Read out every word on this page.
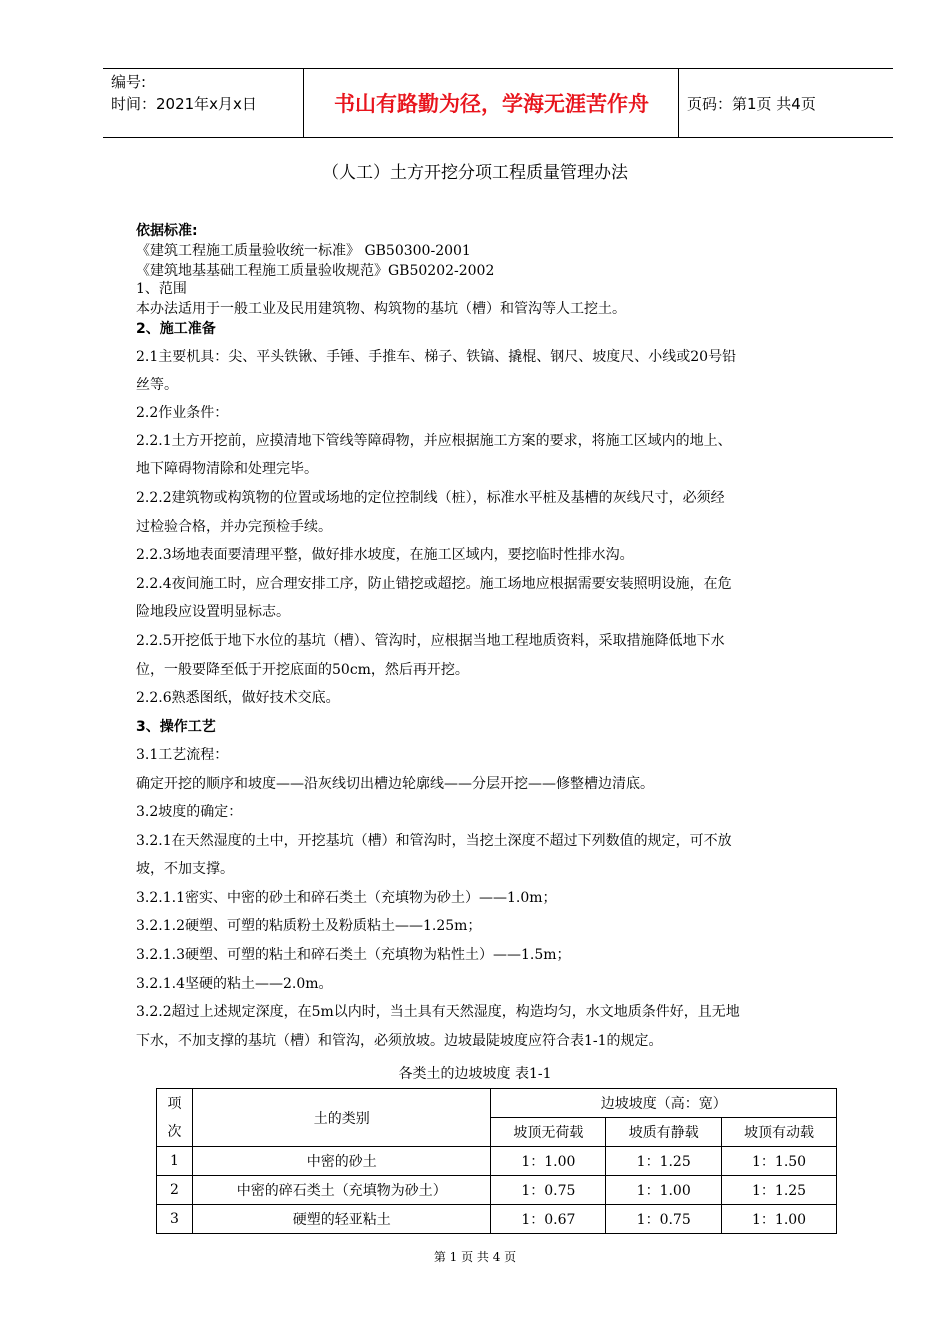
编号:
时间：2021年x月x日	书山有路勤为径，学海无涯苦作舟	页码：第1页 共4页
（人工）土方开挖分项工程质量管理办法
依据标准:
《建筑工程施工质量验收统一标准》 GB50300-2001
《建筑地基基础工程施工质量验收规范》GB50202-2002
1、范围
本办法适用于一般工业及民用建筑物、构筑物的基坑（槽）和管沟等人工挖土。
2、施工准备
2.1主要机具：尖、平头铁锹、手锤、手推车、梯子、铁镐、撬棍、钢尺、坡度尺、小线或20号铅
丝等。
2.2作业条件：
2.2.1土方开挖前，应摸清地下管线等障碍物，并应根据施工方案的要求，将施工区域内的地上、
地下障碍物清除和处理完毕。
2.2.2建筑物或构筑物的位置或场地的定位控制线（桩），标准水平桩及基槽的灰线尺寸，必须经
过检验合格，并办完预检手续。
2.2.3场地表面要清理平整，做好排水坡度，在施工区域内，要挖临时性排水沟。
2.2.4夜间施工时，应合理安排工序，防止错挖或超挖。施工场地应根据需要安装照明设施，在危
险地段应设置明显标志。
2.2.5开挖低于地下水位的基坑（槽）、管沟时，应根据当地工程地质资料，采取措施降低地下水
位，一般要降至低于开挖底面的50cm，然后再开挖。
2.2.6熟悉图纸，做好技术交底。
3、操作工艺
3.1工艺流程：
确定开挖的顺序和坡度——沿灰线切出槽边轮廓线——分层开挖——修整槽边清底。
3.2坡度的确定：
3.2.1在天然湿度的土中，开挖基坑（槽）和管沟时，当挖土深度不超过下列数值的规定，可不放
坡，不加支撑。
3.2.1.1密实、中密的砂土和碎石类土（充填物为砂土）——1.0m；
3.2.1.2硬塑、可塑的粘质粉土及粉质粘土——1.25m；
3.2.1.3硬塑、可塑的粘土和碎石类土（充填物为粘性土）——1.5m；
3.2.1.4坚硬的粘土——2.0m。
3.2.2超过上述规定深度，在5m以内时，当土具有天然湿度，构造均匀，水文地质条件好，且无地
下水，不加支撑的基坑（槽）和管沟，必须放坡。边坡最陡坡度应符合表1-1的规定。
各类土的边坡坡度 表1-1
项
次	土的类别	边坡坡度（高：宽）		
		坡顶无荷载	坡质有静载	坡顶有动载
1	中密的砂土	1：1.00	1：1.25	1：1.50
2	中密的碎石类土（充填物为砂土）	1：0.75	1：1.00	1：1.25
3	硬塑的轻亚粘土	1：0.67	1：0.75	1：1.00
第 1 页 共 4 页
